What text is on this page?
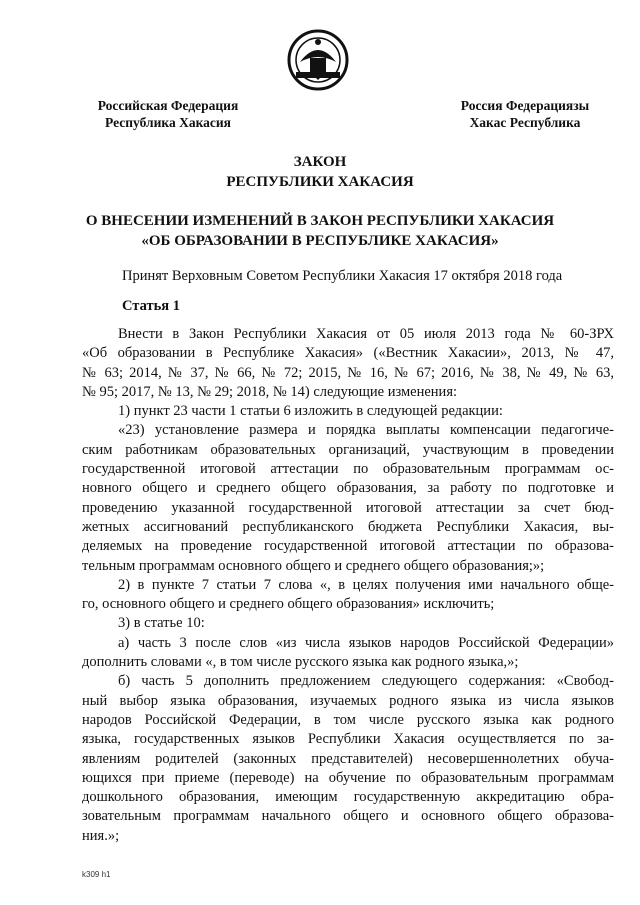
Российская Федерация
Республика Хакасия
Россия Федерациязы
Хакас Республика
ЗАКОН
РЕСПУБЛИКИ ХАКАСИЯ
О ВНЕСЕНИИ ИЗМЕНЕНИЙ В ЗАКОН РЕСПУБЛИКИ ХАКАСИЯ
«ОБ ОБРАЗОВАНИИ В РЕСПУБЛИКЕ ХАКАСИЯ»
Принят Верховным Советом Республики Хакасия 17 октября 2018 года
Статья 1
Внести в Закон Республики Хакасия от 05 июля 2013 года № 60-ЗРХ
«Об образовании в Республике Хакасия» («Вестник Хакасии», 2013, № 47,
№ 63; 2014, № 37, № 66, № 72; 2015, № 16, № 67; 2016, № 38, № 49, № 63,
№ 95; 2017, № 13, № 29; 2018, № 14) следующие изменения:
1) пункт 23 части 1 статьи 6 изложить в следующей редакции:
«23) установление размера и порядка выплаты компенсации педагогиче-
ским работникам образовательных организаций, участвующим в проведении
государственной итоговой аттестации по образовательным программам ос-
новного общего и среднего общего образования, за работу по подготовке и
проведению указанной государственной итоговой аттестации за счет бюд-
жетных ассигнований республиканского бюджета Республики Хакасия, вы-
деляемых на проведение государственной итоговой аттестации по образова-
тельным программам основного общего и среднего общего образования;»;
2) в пункте 7 статьи 7 слова «, в целях получения ими начального обще-
го, основного общего и среднего общего образования» исключить;
3) в статье 10:
а) часть 3 после слов «из числа языков народов Российской Федерации»
дополнить словами «, в том числе русского языка как родного языка,»;
б) часть 5 дополнить предложением следующего содержания: «Свобод-
ный выбор языка образования, изучаемых родного языка из числа языков
народов Российской Федерации, в том числе русского языка как родного
языка, государственных языков Республики Хакасия осуществляется по за-
явлениям родителей (законных представителей) несовершеннолетних обуча-
ющихся при приеме (переводе) на обучение по образовательным программам
дошкольного образования, имеющим государственную аккредитацию обра-
зовательным программам начального общего и основного общего образова-
ния.»;
k309 h1
